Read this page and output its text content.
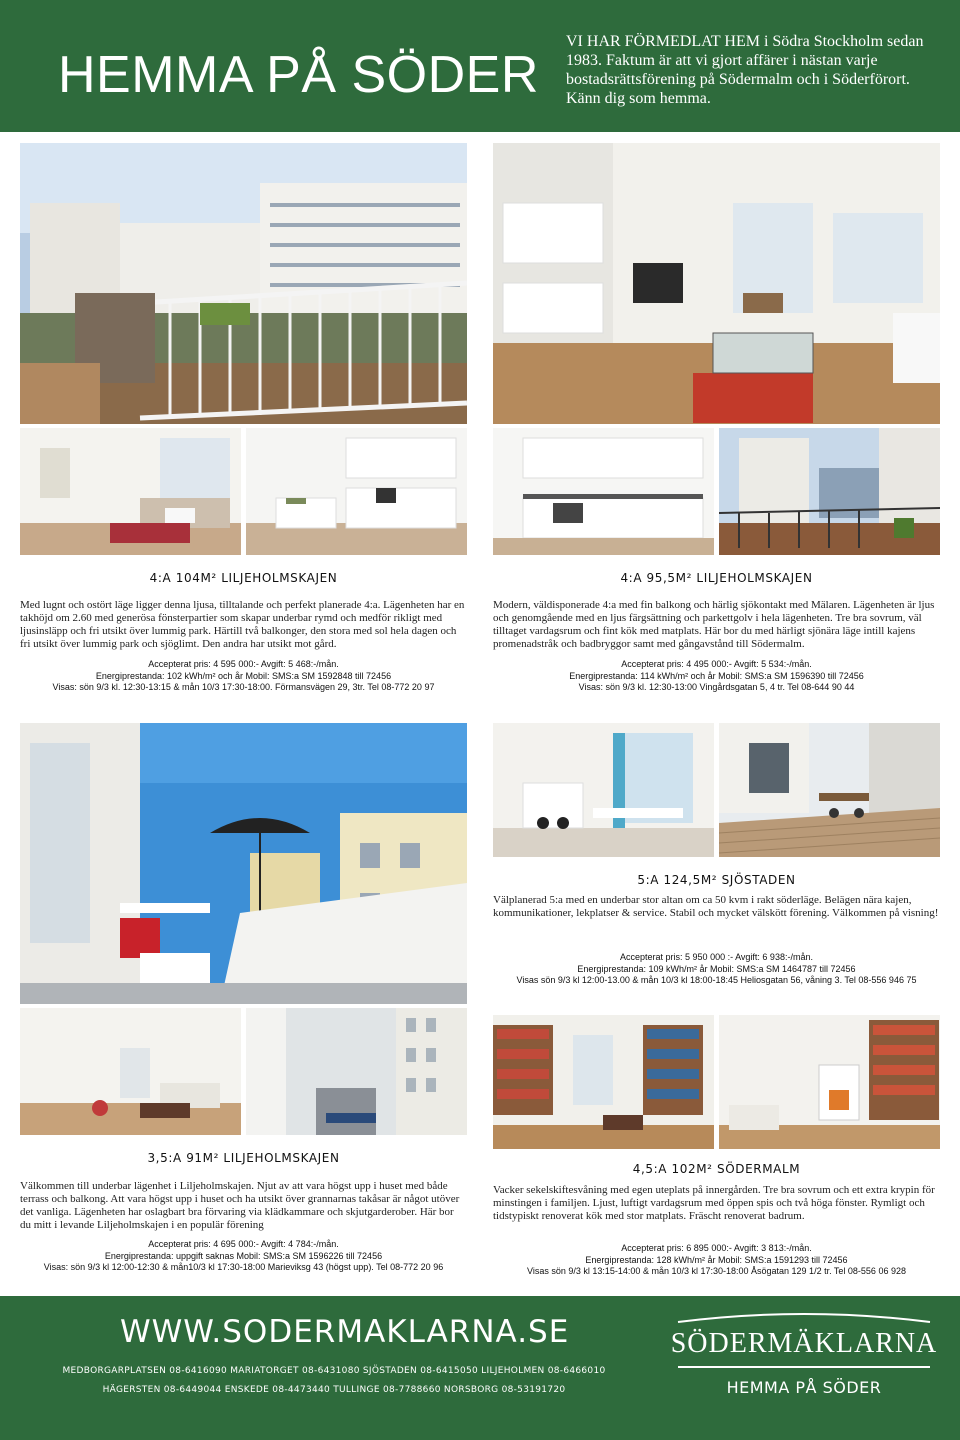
HEMMA PÅ SÖDER
VI HAR FÖRMEDLAT HEM i Södra Stockholm sedan 1983. Faktum är att vi gjort affärer i nästan varje bostadsrättsförening på Södermalm och i Söderförort. Känn dig som hemma.
4:A 104M² LILJEHOLMSKAJEN
Med lugnt och ostört läge ligger denna ljusa, tilltalande och perfekt planerade 4:a. Lägenheten har en takhöjd om 2.60 med generösa fönsterpartier som skapar underbar rymd och medför rikligt med ljusinsläpp och fri utsikt över lummig park. Härtill två balkonger, den stora med sol hela dagen och fri utsikt över lummig park och sjöglimt. Den andra har utsikt mot gård.
Accepterat pris: 4 595 000:- Avgift: 5 468:-/mån.
Energiprestanda: 102 kWh/m² och år Mobil: SMS:a SM 1592848 till 72456
Visas: sön 9/3 kl. 12:30-13:15 & mån 10/3 17:30-18:00. Förmansvägen 29, 3tr. Tel 08-772 20 97
4:A 95,5M² LILJEHOLMSKAJEN
Modern, väldisponerade 4:a med fin balkong och härlig sjökontakt med Mälaren. Lägenheten är ljus och genomgående med en ljus färgsättning och parkettgolv i hela lägenheten. Tre bra sovrum, väl tilltaget vardagsrum och fint kök med matplats. Här bor du med härligt sjönära läge intill kajens promenadstråk och badbryggor samt med gångavstånd till Södermalm.
Accepterat pris: 4 495 000:- Avgift: 5 534:-/mån.
Energiprestanda: 114 kWh/m² och år Mobil: SMS:a SM 1596390 till 72456
Visas: sön 9/3 kl. 12:30-13:00 Vingårdsgatan 5, 4 tr. Tel 08-644 90 44
5:A 124,5M² SJÖSTADEN
Välplanerad 5:a med en underbar stor altan om ca 50 kvm i rakt söderläge. Belägen nära kajen, kommunikationer, lekplatser & service. Stabil och mycket välskött förening. Välkommen på visning!
Accepterat pris: 5 950 000 :- Avgift: 6 938:-/mån.
Energiprestanda: 109 kWh/m² år Mobil: SMS:a SM 1464787 till 72456
Visas sön 9/3 kl 12:00-13.00 & mån 10/3 kl 18:00-18:45 Heliosgatan 56, våning 3. Tel 08-556 946 75
3,5:A 91M² LILJEHOLMSKAJEN
Välkommen till underbar lägenhet i Liljeholmskajen. Njut av att vara högst upp i huset med både terrass och balkong. Att vara högst upp i huset och ha utsikt över grannarnas takåsar är något utöver det vanliga. Lägenheten har oslagbart bra förvaring via klädkammare och skjutgarderober. Här bor du mitt i levande Liljeholmskajen i en populär förening
Accepterat pris: 4 695 000:- Avgift: 4 784:-/mån.
Energiprestanda: uppgift saknas Mobil: SMS:a SM 1596226 till 72456
Visas: sön 9/3 kl 12:00-12:30 & mån10/3 kl 17:30-18:00 Marieviksg 43 (högst upp). Tel 08-772 20 96
4,5:A 102M² SÖDERMALM
Vacker sekelskiftesvåning med egen uteplats på innergården. Tre bra sovrum och ett extra krypin för minstingen i familjen. Ljust, luftigt vardagsrum med öppen spis och två höga fönster. Rymligt och tidstypiskt renoverat kök med stor matplats. Fräscht renoverat badrum.
Accepterat pris: 6 895 000:- Avgift: 3 813:-/mån.
Energiprestanda: 128 kWh/m² år Mobil: SMS:a 1591293 till 72456
Visas sön 9/3 kl 13:15-14:00 & mån 10/3 kl 17:30-18:00 Åsögatan 129 1/2 tr. Tel 08-556 06 928
WWW.SODERMAKLARNA.SE
MEDBORGARPLATSEN 08-6416090 MARIATORGET 08-6431080 SJÖSTADEN 08-6415050 LILJEHOLMEN 08-6466010
HÄGERSTEN 08-6449044 ENSKEDE 08-4473440 TULLINGE 08-7788660 NORSBORG 08-53191720
SÖDERMÄKLARNA
HEMMA PÅ SÖDER
